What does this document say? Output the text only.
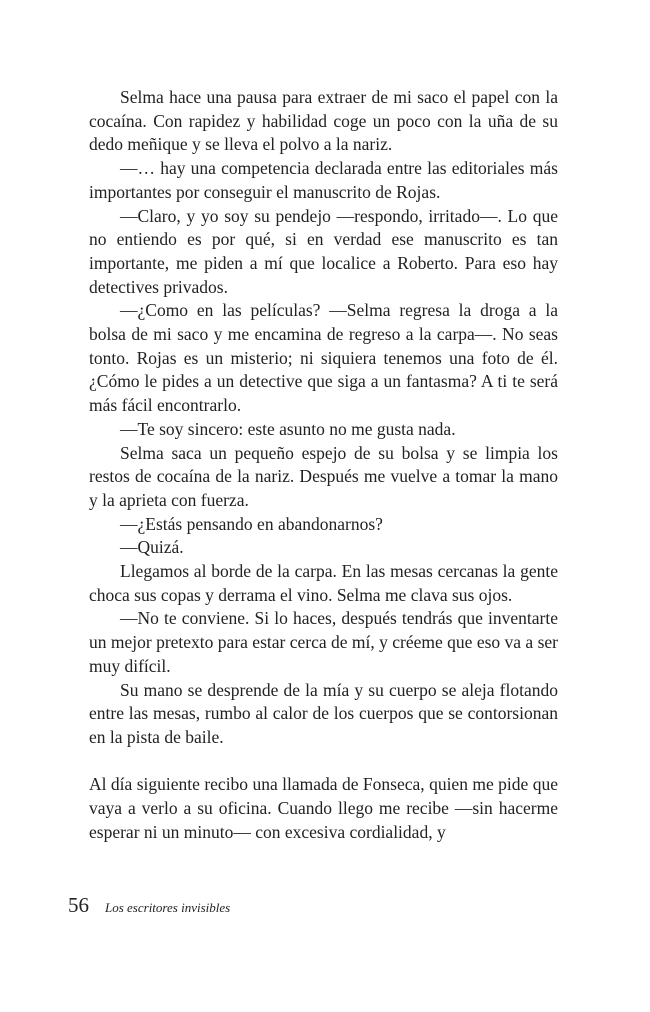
Selma hace una pausa para extraer de mi saco el papel con la cocaína. Con rapidez y habilidad coge un poco con la uña de su dedo meñique y se lleva el polvo a la nariz.

—… hay una competencia declarada entre las editoriales más importantes por conseguir el manuscrito de Rojas.

—Claro, y yo soy su pendejo —respondo, irritado—. Lo que no entiendo es por qué, si en verdad ese manuscrito es tan importante, me piden a mí que localice a Roberto. Para eso hay detectives privados.

—¿Como en las películas? —Selma regresa la droga a la bolsa de mi saco y me encamina de regreso a la carpa—. No seas tonto. Rojas es un misterio; ni siquiera tenemos una foto de él. ¿Cómo le pides a un detective que siga a un fantasma? A ti te será más fácil encontrarlo.

—Te soy sincero: este asunto no me gusta nada.

Selma saca un pequeño espejo de su bolsa y se limpia los restos de cocaína de la nariz. Después me vuelve a tomar la mano y la aprieta con fuerza.

—¿Estás pensando en abandonarnos?

—Quizá.

Llegamos al borde de la carpa. En las mesas cercanas la gente choca sus copas y derrama el vino. Selma me clava sus ojos.

—No te conviene. Si lo haces, después tendrás que inventarte un mejor pretexto para estar cerca de mí, y créeme que eso va a ser muy difícil.

Su mano se desprende de la mía y su cuerpo se aleja flotando entre las mesas, rumbo al calor de los cuerpos que se contorsionan en la pista de baile.

Al día siguiente recibo una llamada de Fonseca, quien me pide que vaya a verlo a su oficina. Cuando llego me recibe —sin hacerme esperar ni un minuto— con excesiva cordialidad, y

56 Los escritores invisibles
